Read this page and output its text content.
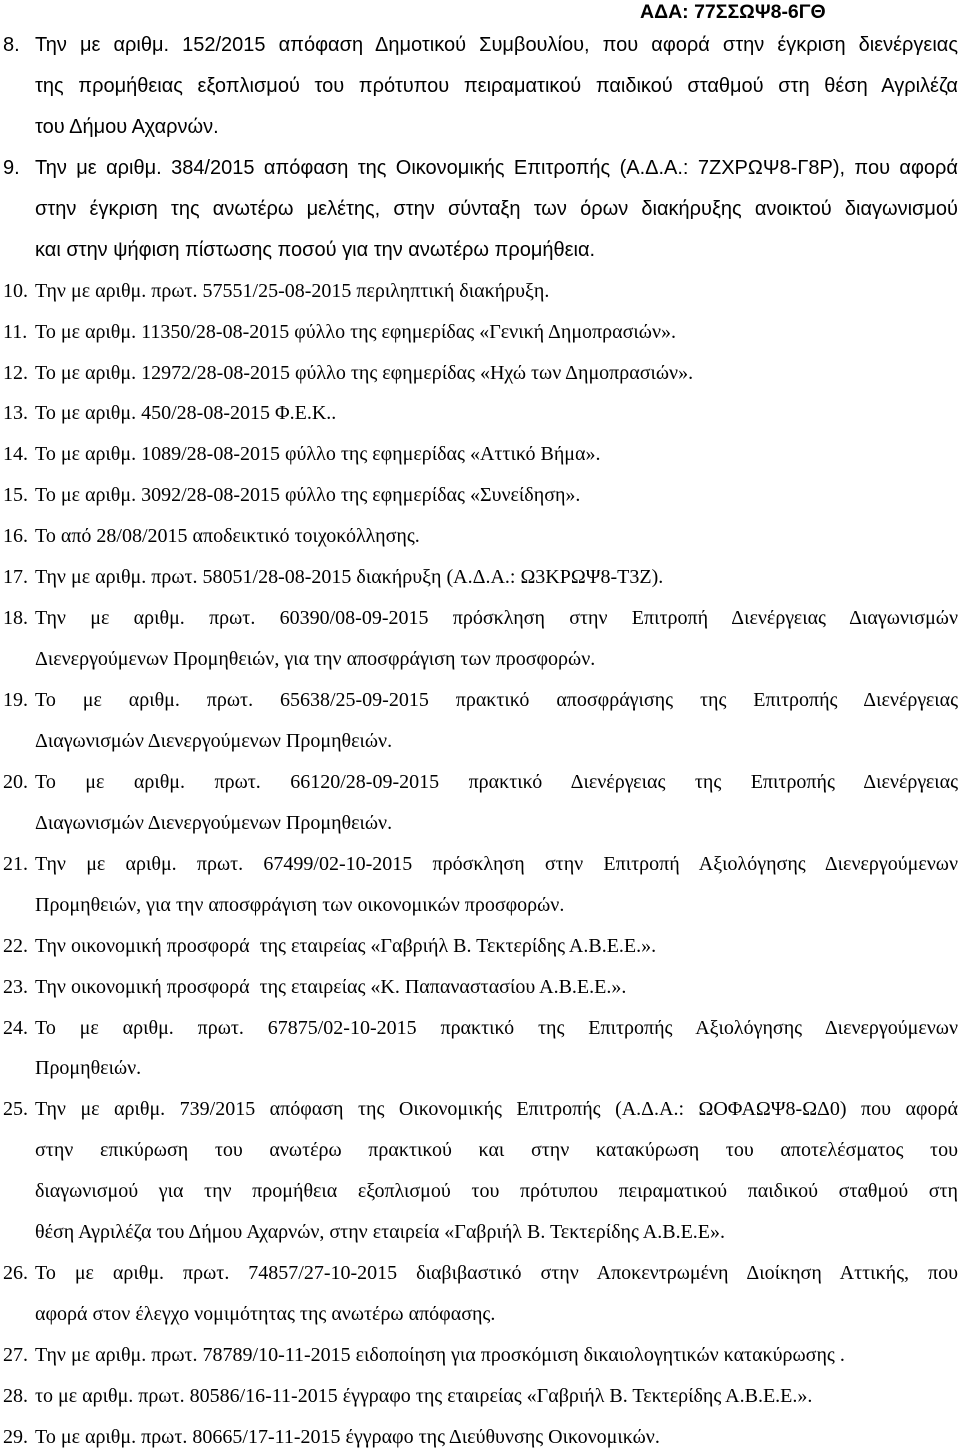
ΑΔΑ: 77ΣΣΩΨ8-6ΓΘ
8. Την με αριθμ. 152/2015 απόφαση Δημοτικού Συμβουλίου, που αφορά στην έγκριση διενέργειας
της προμήθειας εξοπλισμού του πρότυπου πειραματικού παιδικού σταθμού στη θέση Αγριλέζα
του Δήμου Αχαρνών.
9. Την με αριθμ. 384/2015 απόφαση της Οικονομικής Επιτροπής (Α.Δ.Α.: 7ΖΧΡΩΨ8-Γ8Ρ), που αφορά
στην έγκριση της ανωτέρω μελέτης, στην σύνταξη των όρων διακήρυξης ανοικτού διαγωνισμού
και στην ψήφιση πίστωσης ποσού για την ανωτέρω προμήθεια.
10. Την με αριθμ. πρωτ. 57551/25-08-2015 περιληπτική διακήρυξη.
11. Το με αριθμ. 11350/28-08-2015 φύλλο της εφημερίδας «Γενική Δημοπρασιών».
12. Το με αριθμ. 12972/28-08-2015 φύλλο της εφημερίδας «Ηχώ των Δημοπρασιών».
13. Το με αριθμ. 450/28-08-2015 Φ.Ε.Κ..
14. Το με αριθμ. 1089/28-08-2015 φύλλο της εφημερίδας «Αττικό Βήμα».
15. Το με αριθμ. 3092/28-08-2015 φύλλο της εφημερίδας «Συνείδηση».
16. Το από 28/08/2015 αποδεικτικό τοιχοκόλλησης.
17. Την με αριθμ. πρωτ. 58051/28-08-2015 διακήρυξη (Α.Δ.Α.: Ω3ΚΡΩΨ8-Τ3Ζ).
18. Την με αριθμ. πρωτ. 60390/08-09-2015 πρόσκληση στην Επιτροπή Διενέργειας Διαγωνισμών
Διενεργούμενων Προμηθειών, για την αποσφράγιση των προσφορών.
19. Το με αριθμ. πρωτ. 65638/25-09-2015 πρακτικό αποσφράγισης της Επιτροπής Διενέργειας
Διαγωνισμών Διενεργούμενων Προμηθειών.
20. Το με αριθμ. πρωτ. 66120/28-09-2015 πρακτικό Διενέργειας της Επιτροπής Διενέργειας
Διαγωνισμών Διενεργούμενων Προμηθειών.
21. Την με αριθμ. πρωτ. 67499/02-10-2015 πρόσκληση στην Επιτροπή Αξιολόγησης Διενεργούμενων
Προμηθειών, για την αποσφράγιση των οικονομικών προσφορών.
22. Την οικονομική προσφορά  της εταιρείας «Γαβριήλ Β. Τεκτερίδης Α.Β.Ε.Ε.».
23. Την οικονομική προσφορά  της εταιρείας «Κ. Παπαναστασίου Α.Β.Ε.Ε.».
24. Το με αριθμ. πρωτ. 67875/02-10-2015 πρακτικό της Επιτροπής Αξιολόγησης Διενεργούμενων
Προμηθειών.
25. Την με αριθμ. 739/2015 απόφαση της Οικονομικής Επιτροπής (Α.Δ.Α.: ΩΟΦΑΩΨ8-ΩΔ0) που αφορά
στην επικύρωση του ανωτέρω πρακτικού και στην κατακύρωση του αποτελέσματος του
διαγωνισμού για την προμήθεια εξοπλισμού του πρότυπου πειραματικού παιδικού σταθμού στη
θέση Αγριλέζα του Δήμου Αχαρνών, στην εταιρεία «Γαβριήλ Β. Τεκτερίδης Α.Β.Ε.Ε».
26. Το με αριθμ. πρωτ. 74857/27-10-2015 διαβιβαστικό στην Αποκεντρωμένη Διοίκηση Αττικής, που
αφορά στον έλεγχο νομιμότητας της ανωτέρω απόφασης.
27. Την με αριθμ. πρωτ. 78789/10-11-2015 ειδοποίηση για προσκόμιση δικαιολογητικών κατακύρωσης .
28. το με αριθμ. πρωτ. 80586/16-11-2015 έγγραφο της εταιρείας «Γαβριήλ Β. Τεκτερίδης Α.Β.Ε.Ε.».
29. Το με αριθμ. πρωτ. 80665/17-11-2015 έγγραφο της Διεύθυνσης Οικονομικών.
